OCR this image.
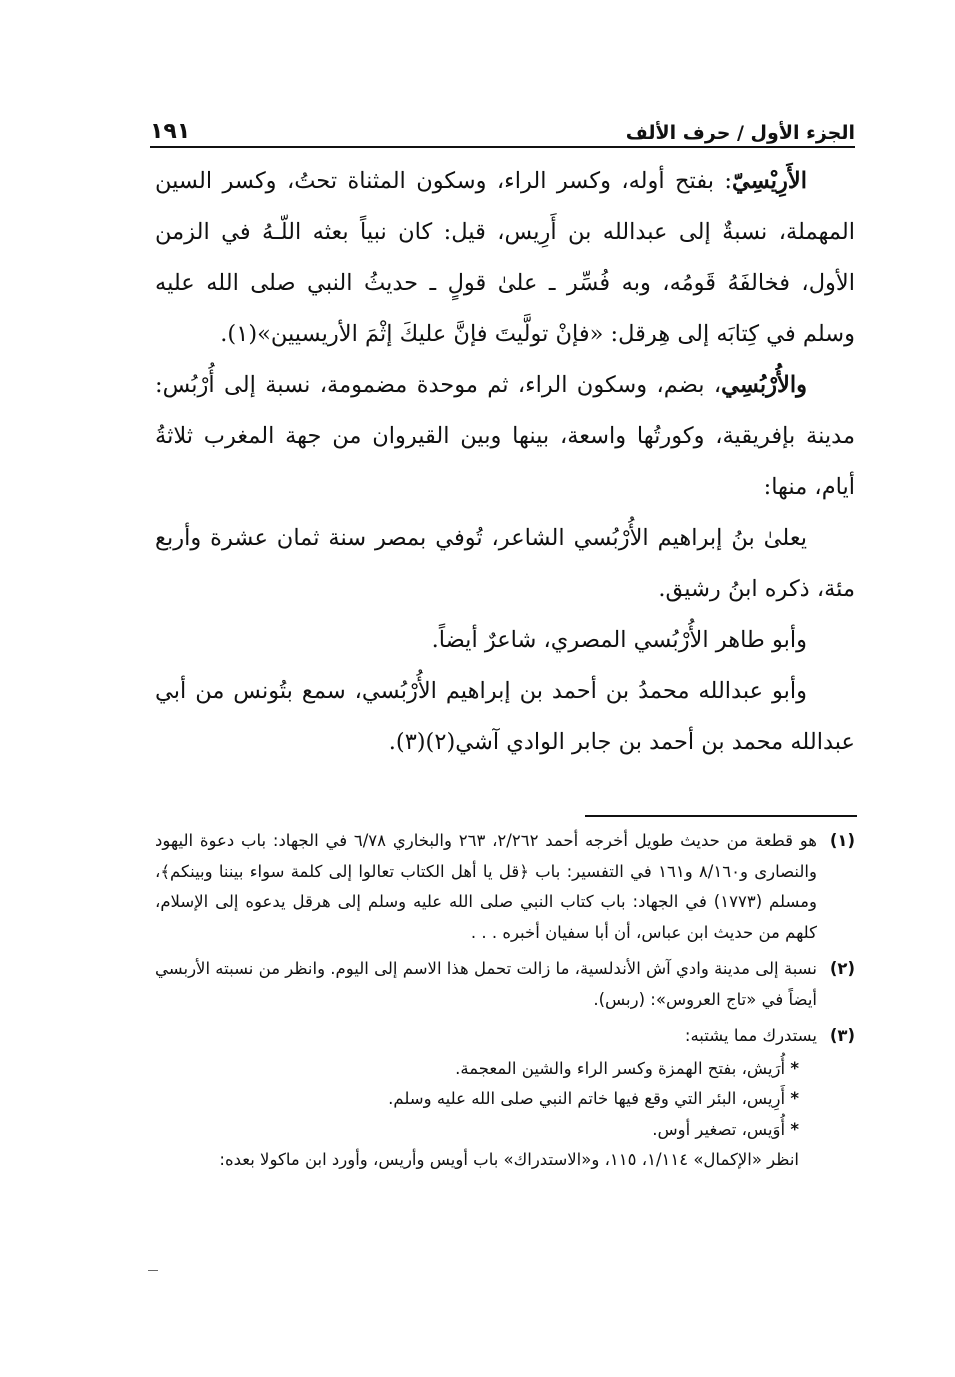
الجزء الأول / حرف الألف
١٩١

الأَرِيْسِيّ: بفتح أوله، وكسر الراء، وسكون المثناة تحتُ، وكسر السين المهملة، نسبةٌ إلى عبدالله بن أَرِيس، قيل: كان نبياً بعثه اللّـهُ في الزمن الأول، فخالفَهُ قَومُه، وبه فُسِّر ـ علىٰ قولٍ ـ حديثُ النبي صلى الله عليه وسلم في كِتابَه إلى هِرقل: «فإنْ تولَّيتَ فإنَّ عليكَ إثْمَ الأريسيين»(١).

والأُرْبُسِي، بضم، وسكون الراء، ثم موحدة مضمومة، نسبة إلى أُرْبُس: مدينة بإفريقية، وكورتُها واسعة، بينها وبين القيروان من جهة المغرب ثلاثةُ أيام، منها:

يعلىٰ بنُ إبراهيم الأُرْبُسي الشاعر، تُوفي بمصر سنة ثمان عشرة وأربع مئة، ذكره ابنُ رشيق.

وأبو طاهر الأُرْبُسي المصري، شاعرٌ أيضاً.

وأبو عبدالله محمدُ بن أحمد بن إبراهيم الأُرْبُسي، سمع بتُونس من أبي عبدالله محمد بن أحمد بن جابر الوادي آشي(٢)(٣).

(١)
هو قطعة من حديث طويل أخرجه أحمد ٢/٢٦٢، ٢٦٣ والبخاري ٦/٧٨ في الجهاد: باب دعوة اليهود والنصارى و٨/١٦٠ و١٦١ في التفسير: باب ﴿قل يا أهل الكتاب تعالوا إلى كلمة سواء بيننا وبينكم﴾، ومسلم (١٧٧٣) في الجهاد: باب كتاب النبي صلى الله عليه وسلم إلى هرقل يدعوه إلى الإسلام، كلهم من حديث ابن عباس، أن أبا سفيان أخبره . . .
(٢)
نسبة إلى مدينة وادي آش الأندلسية، ما زالت تحمل هذا الاسم إلى اليوم. وانظر من نسبته الأربسي أيضاً في «تاج العروس»: (ربس).
(٣)
يستدرك مما يشتبه:
* أُرَيش، بفتح الهمزة وكسر الراء والشين المعجمة.
* أَرِيس، البئر التي وقع فيها خاتم النبي صلى الله عليه وسلم.
* أُوَيس، تصغير أوس.
انظر «الإكمال» ١/١١٤، ١١٥، و«الاستدراك» باب أويس وأريس، وأورد ابن ماكولا بعده:
